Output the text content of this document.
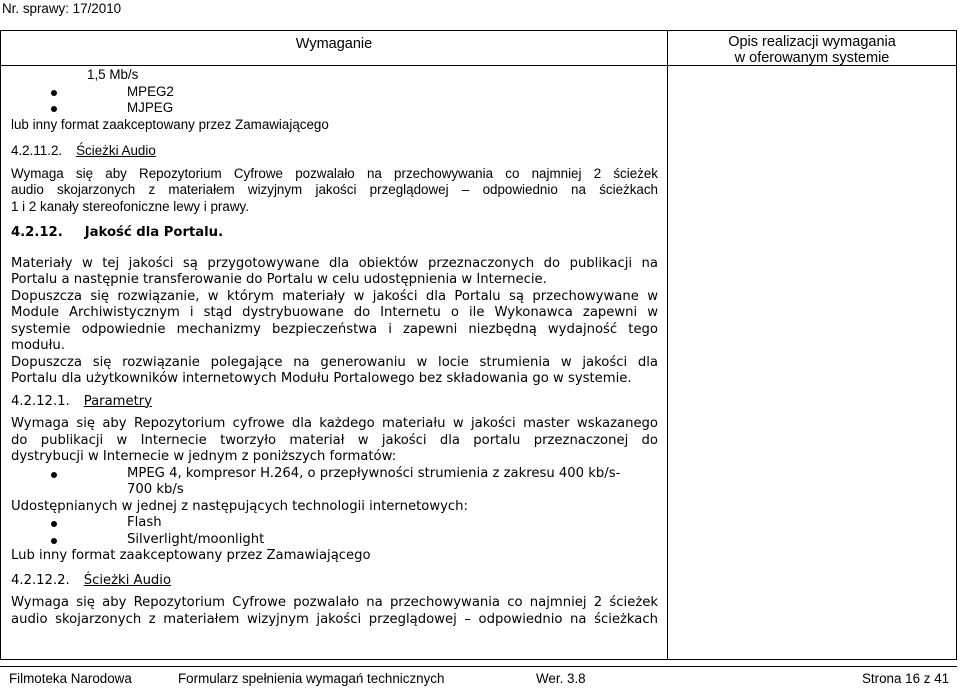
Nr. sprawy: 17/2010
Wymaganie	Opis realizacji wymagania
w oferowanym systemie
1,5 Mb/s
MPEG2
MJPEG
lub inny format zaakceptowany przez Zamawiającego
4.2.11.2. Ścieżki Audio
Wymaga się aby Repozytorium Cyfrowe pozwalało na przechowywania co najmniej 2 ścieżek
audio skojarzonych z materiałem wizyjnym jakości przeglądowej – odpowiednio na ścieżkach
1 i 2 kanały stereofoniczne lewy i prawy.
4.2.12. Jakość dla Portalu.
Materiały w tej jakości są przygotowywane dla obiektów przeznaczonych do publikacji na
Portalu a następnie transferowanie do Portalu w celu udostępnienia w Internecie.
Dopuszcza się rozwiązanie, w którym materiały w jakości dla Portalu są przechowywane w
Module Archiwistycznym i stąd dystrybuowane do Internetu o ile Wykonawca zapewni w
systemie odpowiednie mechanizmy bezpieczeństwa i zapewni niezbędną wydajność tego
modułu.
Dopuszcza się rozwiązanie polegające na generowaniu w locie strumienia w jakości dla
Portalu dla użytkowników internetowych Modułu Portalowego bez składowania go w systemie.
4.2.12.1. Parametry
Wymaga się aby Repozytorium cyfrowe dla każdego materiału w jakości master wskazanego
do publikacji w Internecie tworzyło materiał w jakości dla portalu przeznaczonej do
dystrybucji w Internecie w jednym z poniższych formatów:
MPEG 4, kompresor H.264, o przepływności strumienia z zakresu 400 kb/s-
700 kb/s
Udostępnianych w jednej z następujących technologii internetowych:
Flash
Silverlight/moonlight
Lub inny format zaakceptowany przez Zamawiającego
4.2.12.2. Ścieżki Audio
Wymaga się aby Repozytorium Cyfrowe pozwalało na przechowywania co najmniej 2 ścieżek
audio skojarzonych z materiałem wizyjnym jakości przeglądowej – odpowiednio na ścieżkach
Filmoteka Narodowa	Formularz spełnienia wymagań technicznych	Wer. 3.8	Strona 16 z 41
